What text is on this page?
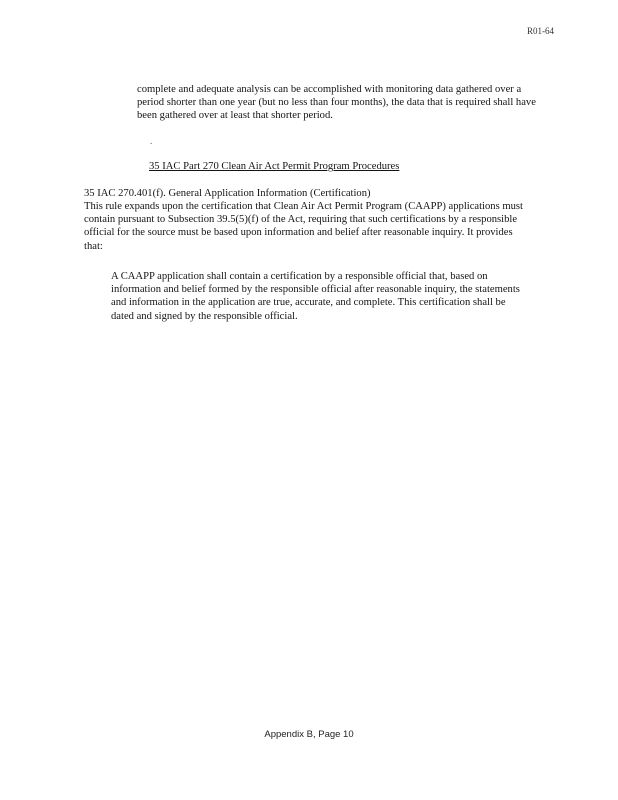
R01-64
complete and adequate analysis can be accomplished with monitoring data gathered over a period shorter than one year (but no less than four months), the data that is required shall have been gathered over at least that shorter period.
.
35 IAC Part 270 Clean Air Act Permit Program Procedures
35 IAC 270.401(f). General Application Information (Certification)
This rule expands upon the certification that Clean Air Act Permit Program (CAAPP) applications must contain pursuant to Subsection 39.5(5)(f) of the Act, requiring that such certifications by a responsible official for the source must be based upon information and belief after reasonable inquiry. It provides that:
A CAAPP application shall contain a certification by a responsible official that, based on information and belief formed by the responsible official after reasonable inquiry, the statements and information in the application are true, accurate, and complete. This certification shall be dated and signed by the responsible official.
Appendix B, Page 10
